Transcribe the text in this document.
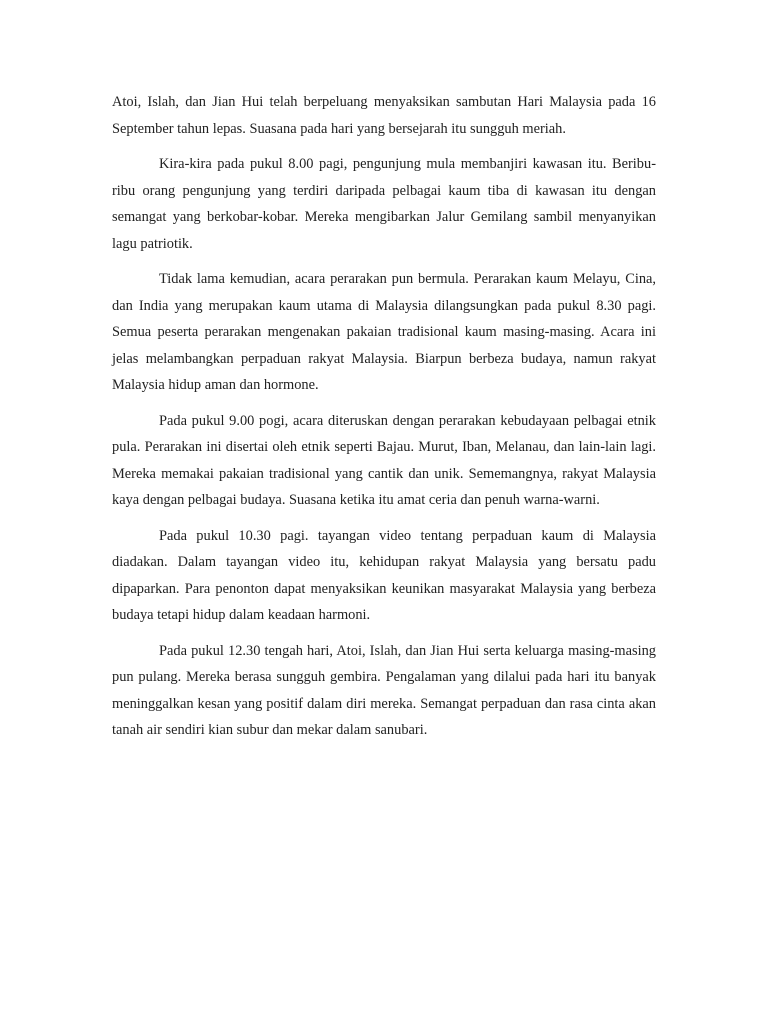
Atoi, Islah, dan Jian Hui telah berpeluang menyaksikan sambutan Hari Malaysia pada 16 September tahun lepas. Suasana pada hari yang bersejarah itu sungguh meriah.

Kira-kira pada pukul 8.00 pagi, pengunjung mula membanjiri kawasan itu. Beribu-ribu orang pengunjung yang terdiri daripada pelbagai kaum tiba di kawasan itu dengan semangat yang berkobar-kobar. Mereka mengibarkan Jalur Gemilang sambil menyanyikan lagu patriotik.

Tidak lama kemudian, acara perarakan pun bermula. Perarakan kaum Melayu, Cina, dan India yang merupakan kaum utama di Malaysia dilangsungkan pada pukul 8.30 pagi. Semua peserta perarakan mengenakan pakaian tradisional kaum masing-masing. Acara ini jelas melambangkan perpaduan rakyat Malaysia. Biarpun berbeza budaya, namun rakyat Malaysia hidup aman dan hormone.

Pada pukul 9.00 pogi, acara diteruskan dengan perarakan kebudayaan pelbagai etnik pula. Perarakan ini disertai oleh etnik seperti Bajau. Murut, Iban, Melanau, dan lain-lain lagi. Mereka memakai pakaian tradisional yang cantik dan unik. Sememangnya, rakyat Malaysia kaya dengan pelbagai budaya. Suasana ketika itu amat ceria dan penuh warna-warni.

Pada pukul 10.30 pagi. tayangan video tentang perpaduan kaum di Malaysia diadakan. Dalam tayangan video itu, kehidupan rakyat Malaysia yang bersatu padu dipaparkan. Para penonton dapat menyaksikan keunikan masyarakat Malaysia yang berbeza budaya tetapi hidup dalam keadaan harmoni.

Pada pukul 12.30 tengah hari, Atoi, Islah, dan Jian Hui serta keluarga masing-masing pun pulang. Mereka berasa sungguh gembira. Pengalaman yang dilalui pada hari itu banyak meninggalkan kesan yang positif dalam diri mereka. Semangat perpaduan dan rasa cinta akan tanah air sendiri kian subur dan mekar dalam sanubari.
